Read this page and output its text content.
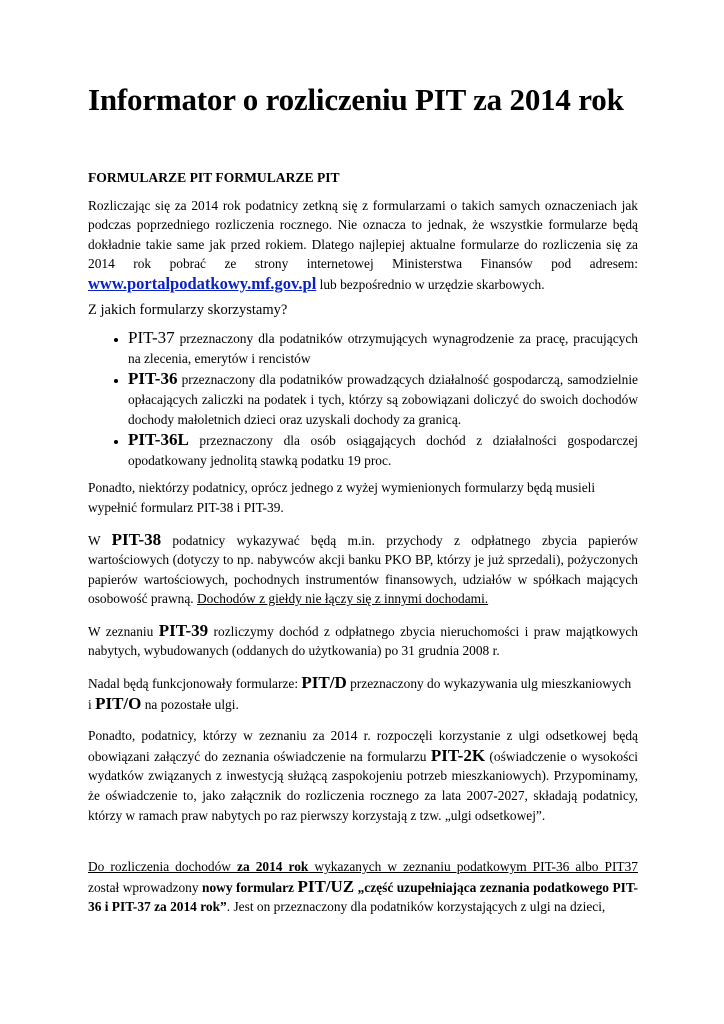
Informator o rozliczeniu PIT za 2014 rok
FORMULARZE PIT FORMULARZE PIT

Rozliczając się za 2014 rok podatnicy zetkną się z formularzami o takich samych oznaczeniach jak podczas poprzedniego rozliczenia rocznego. Nie oznacza to jednak, że wszystkie formularze będą dokładnie takie same jak przed rokiem. Dlatego najlepiej aktualne formularze do rozliczenia się za 2014 rok pobrać ze strony internetowej Ministerstwa Finansów pod adresem: www.portalpodatkowy.mf.gov.pl lub bezpośrednio w urzędzie skarbowych.

Z jakich formularzy skorzystamy?
• PIT-37 przeznaczony dla podatników otrzymujących wynagrodzenie za pracę, pracujących na zlecenia, emerytów i rencistów
• PIT-36 przeznaczony dla podatników prowadzących działalność gospodarczą, samodzielnie opłacających zaliczki na podatek i tych, którzy są zobowiązani doliczyć do swoich dochodów dochody małoletnich dzieci oraz uzyskali dochody za granicą.
• PIT-36L przeznaczony dla osób osiągających dochód z działalności gospodarczej opodatkowany jednolitą stawką podatku 19 proc.

Ponadto, niektórzy podatnicy, oprócz jednego z wyżej wymienionych formularzy będą musieli wypełnić formularz PIT-38 i PIT-39.

W PIT-38 podatnicy wykazywać będą m.in. przychody z odpłatnego zbycia papierów wartościowych (dotyczy to np. nabywców akcji banku PKO BP, którzy je już sprzedali), pożyczonych papierów wartościowych, pochodnych instrumentów finansowych, udziałów w spółkach mających osobowość prawną. Dochodów z giełdy nie łączy się z innymi dochodami.

W zeznaniu PIT-39 rozliczymy dochód z odpłatnego zbycia nieruchomości i praw majątkowych nabytych, wybudowanych (oddanych do użytkowania) po 31 grudnia 2008 r.

Nadal będą funkcjonowały formularze: PIT/D przeznaczony do wykazywania ulg mieszkaniowych
i PIT/O na pozostałe ulgi.

Ponadto, podatnicy, którzy w zeznaniu za 2014 r. rozpoczęli korzystanie z ulgi odsetkowej będą obowiązani załączyć do zeznania oświadczenie na formularzu PIT-2K (oświadczenie o wysokości wydatków związanych z inwestycją służącą zaspokojeniu potrzeb mieszkaniowych). Przypominamy, że oświadczenie to, jako załącznik do rozliczenia rocznego za lata 2007-2027, składają podatnicy, którzy w ramach praw nabytych po raz pierwszy korzystają z tzw. „ulgi odsetkowej”.

Do rozliczenia dochodów za 2014 rok wykazanych w zeznaniu podatkowym PIT-36 albo PIT37 został wprowadzony nowy formularz PIT/UZ „część uzupełniająca zeznania podatkowego PIT-36 i PIT-37 za 2014 rok”. Jest on przeznaczony dla podatników korzystających z ulgi na dzieci,
